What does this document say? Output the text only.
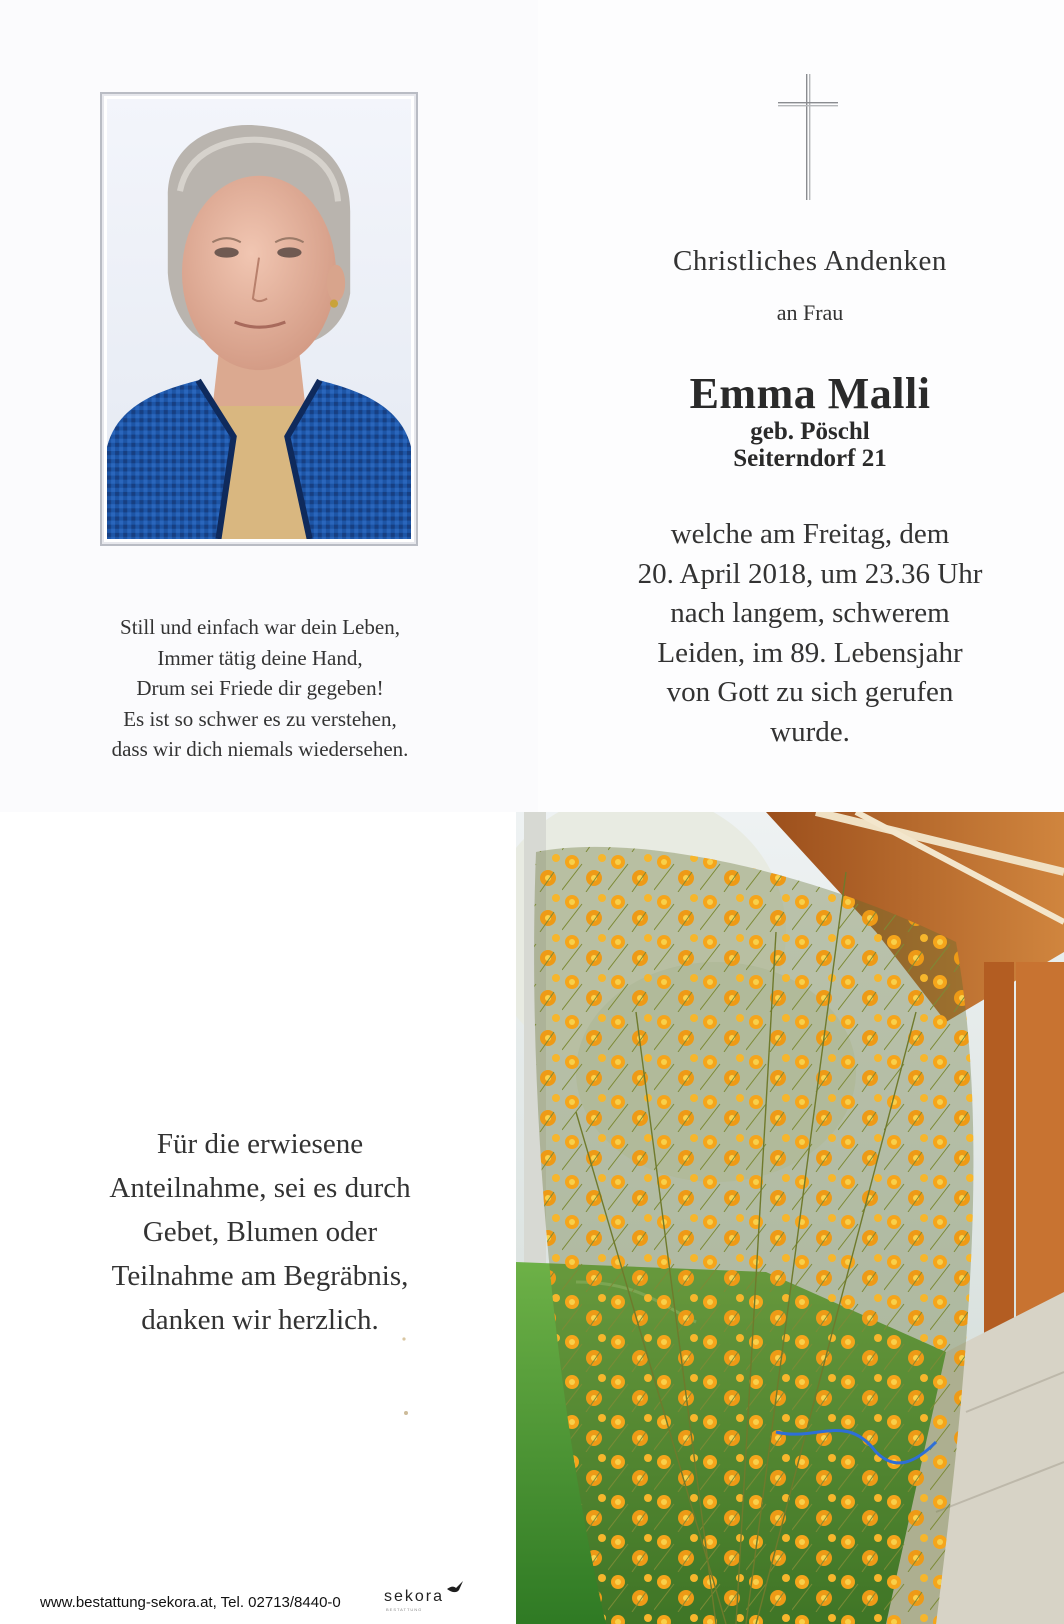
Still und einfach war dein Leben,
Immer tätig deine Hand,
Drum sei Friede dir gegeben!
Es ist so schwer es zu verstehen,
dass wir dich niemals wiedersehen.
Christliches Andenken
an Frau
Emma Malli
geb. Pöschl
Seiterndorf 21
welche am Freitag, dem
20. April 2018, um 23.36 Uhr
nach langem, schwerem
Leiden, im 89. Lebensjahr
von Gott zu sich gerufen
wurde.
Für die erwiesene
Anteilnahme, sei es durch
Gebet, Blumen oder
Teilnahme am Begräbnis,
danken wir herzlich.
www.bestattung-sekora.at, Tel. 02713/8440-0	sekora
BESTATTUNG
